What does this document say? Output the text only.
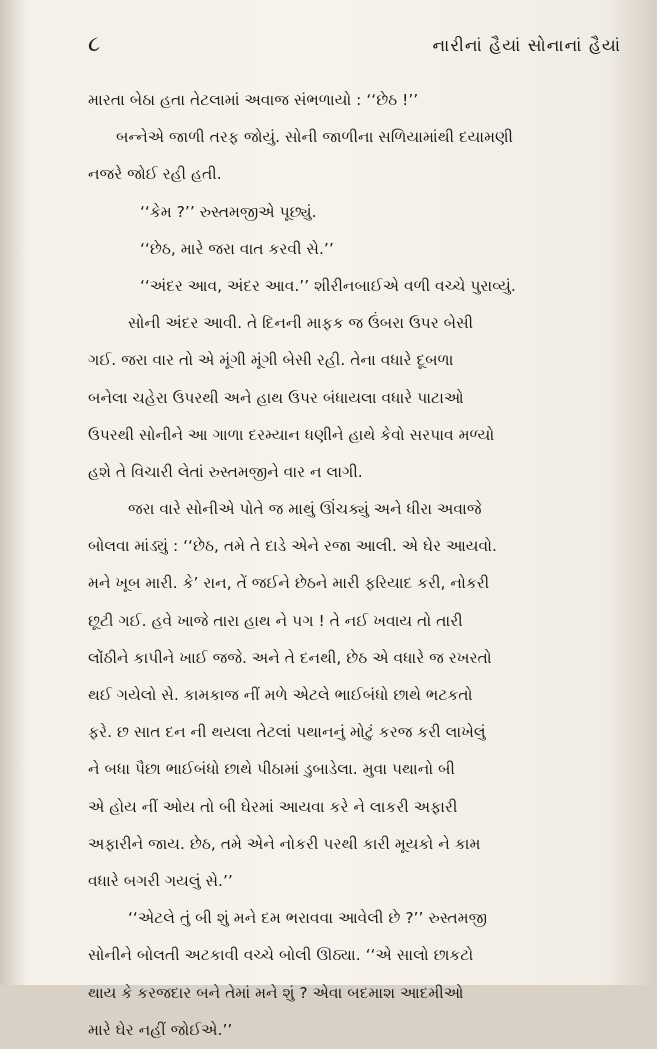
૮	નારીનાં હૈયાં સોનાનાં હૈયાં
મારતા બેઠા હતા તેટલામાં અવાજ સંભળાયો : ‘‘છેઠ !’’
બન્નેએ જાળી તરફ જોયું. સોની જાળીના સળિયામાંથી દયામણી
નજરે જોઈ રહી હતી.
‘‘કેમ ?’’ રુસ્તમજીએ પૂછ્યું.
‘‘છેઠ, મારે જરા વાત કરવી સે.’’
‘‘અંદર આવ, અંદર આવ.’’ શીરીનબાઈએ વળી વચ્ચે પુરાવ્યું.
સોની અંદર આવી. તે દિનની માફક જ ઉંબરા ઉપર બેસી
ગઈ. જરા વાર તો એ મૂંગી મૂંગી બેસી રહી. તેના વધારે દૂબળા
બનેલા ચહેરા ઉપરથી અને હાથ ઉપર બંધાયલા વધારે પાટાઓ
ઉપરથી સોનીને આ ગાળા દરમ્યાન ધણીને હાથે કેવો સરપાવ મળ્યો
હશે તે વિચારી લેતાં રુસ્તમજીને વાર ન લાગી.
જરા વારે સોનીએ પોતે જ માથું ઊંચક્યું અને ધીરા અવાજે
બોલવા માંડ્યું : ‘‘છેઠ, તમે તે દાડે એને રજા આલી. એ ઘેર આયવો.
મને ખૂબ મારી. કે’ રાન, તેં જઈને છેઠને મારી ફરિયાદ કરી, નોકરી
છૂટી ગઈ. હવે ખાજે તારા હાથ ને પગ ! તે નઈ ખવાય તો તારી
લોંઠીને કાપીને ખાઈ જજે. અને તે દનથી, છેઠ એ વધારે જ રખરતો
થઈ ગયેલો સે. કામકાજ નીં મળે એટલે ભાઈબંધો છાથે ભટકતો
ફરે. છ સાત દન ની થયલા તેટલાં પથાનનું મોટું કરજ કરી લાખેલું
ને બધા પૈછા ભાઈબંધો છાથે પીઠામાં ડુબાડેલા. મુવા પથાનો બી
એ હોય નીં ઓય તો બી ઘેરમાં આયવા કરે ને લાકરી અફારી
અફારીને જાય. છેઠ, તમે એને નોકરી પરથી કારી મૂયકો ને કામ
વધારે બગરી ગયલું સે.’’
‘‘એટલે તું બી શું મને દમ ભરાવવા આવેલી છે ?’’ રુસ્તમજી
સોનીને બોલતી અટકાવી વચ્ચે બોલી ઊઠ્યા. ‘‘એ સાલો છાકટો
થાય કે કરજદાર બને તેમાં મને શું ? એવા બદમાશ આદમીઓ
મારે ઘેર નહીં જોઈએ.’’
